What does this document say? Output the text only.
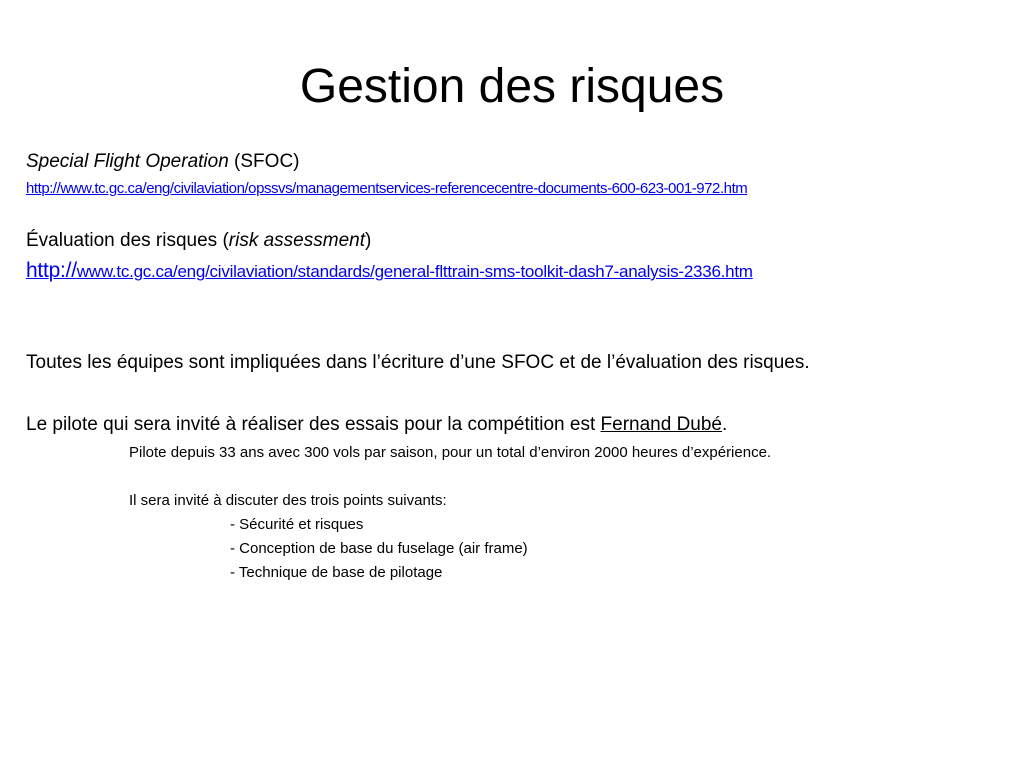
Gestion des risques
Special Flight Operation (SFOC)
http://www.tc.gc.ca/eng/civilaviation/opssvs/managementservices-referencecentre-documents-600-623-001-972.htm
Évaluation des risques (risk assessment)
http://www.tc.gc.ca/eng/civilaviation/standards/general-flttrain-sms-toolkit-dash7-analysis-2336.htm
Toutes les équipes sont impliquées dans l’écriture d’une SFOC et de l’évaluation des risques.
Le pilote qui sera invité à réaliser des essais pour la compétition est Fernand Dubé.
Pilote depuis 33 ans avec 300 vols par saison, pour un total d’environ 2000 heures d’expérience.
Il sera invité à discuter des trois points suivants:
- Sécurité et risques
- Conception de base du fuselage (air frame)
- Technique de base de pilotage
